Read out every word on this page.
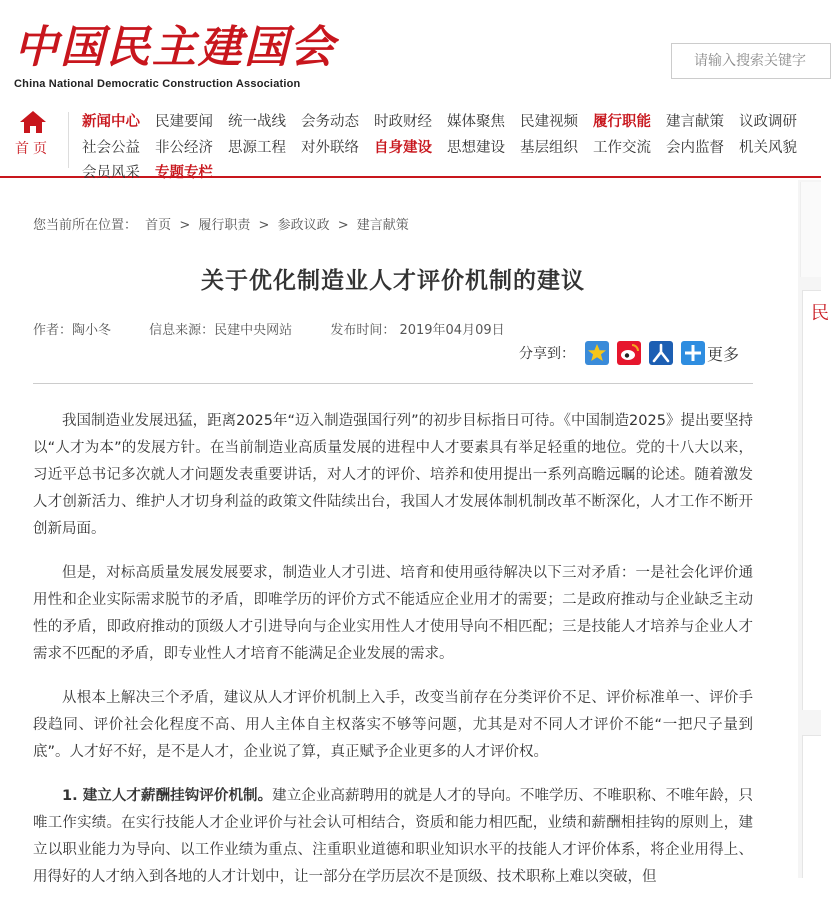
中国民主建国会
China National Democratic Construction Association
请输入搜索关键字
首页
新闻中心 民建要闻 统一战线 会务动态 时政财经 媒体聚焦 民建视频 履行职能 建言献策 议政调研
社会公益 非公经济 思源工程 对外联络 自身建设 思想建设 基层组织 工作交流 会内监督 机关风貌
会员风采 专题专栏
民
您当前所在位置： 首页 > 履行职责 > 参政议政 > 建言献策
关于优化制造业人才评价机制的建议
作者：陶小冬	信息来源：民建中央网站	发布时间： 2019年04月09日
分享到：	更多

我国制造业发展迅猛，距离2025年“迈入制造强国行列”的初步目标指日可待。《中国制造2025》提出要坚持以“人才为本”的发展方针。在当前制造业高质量发展的进程中人才要素具有举足轻重的地位。党的十八大以来，习近平总书记多次就人才问题发表重要讲话，对人才的评价、培养和使用提出一系列高瞻远瞩的论述。随着激发人才创新活力、维护人才切身利益的政策文件陆续出台，我国人才发展体制机制改革不断深化，人才工作不断开创新局面。

但是，对标高质量发展发展要求，制造业人才引进、培育和使用亟待解决以下三对矛盾：一是社会化评价通用性和企业实际需求脱节的矛盾，即唯学历的评价方式不能适应企业用才的需要；二是政府推动与企业缺乏主动性的矛盾，即政府推动的顶级人才引进导向与企业实用性人才使用导向不相匹配；三是技能人才培养与企业人才需求不匹配的矛盾，即专业性人才培育不能满足企业发展的需求。

从根本上解决三个矛盾，建议从人才评价机制上入手，改变当前存在分类评价不足、评价标准单一、评价手段趋同、评价社会化程度不高、用人主体自主权落实不够等问题，尤其是对不同人才评价不能“一把尺子量到底”。人才好不好，是不是人才，企业说了算，真正赋予企业更多的人才评价权。

1. 建立人才薪酬挂钩评价机制。建立企业高薪聘用的就是人才的导向。不唯学历、不唯职称、不唯年龄，只唯工作实绩。在实行技能人才企业评价与社会认可相结合，资质和能力相匹配，业绩和薪酬相挂钩的原则上，建立以职业能力为导向、以工作业绩为重点、注重职业道德和职业知识水平的技能人才评价体系，将企业用得上、用得好的人才纳入到各地的人才计划中，让一部分在学历层次不是顶级、技术职称上难以突破，但
